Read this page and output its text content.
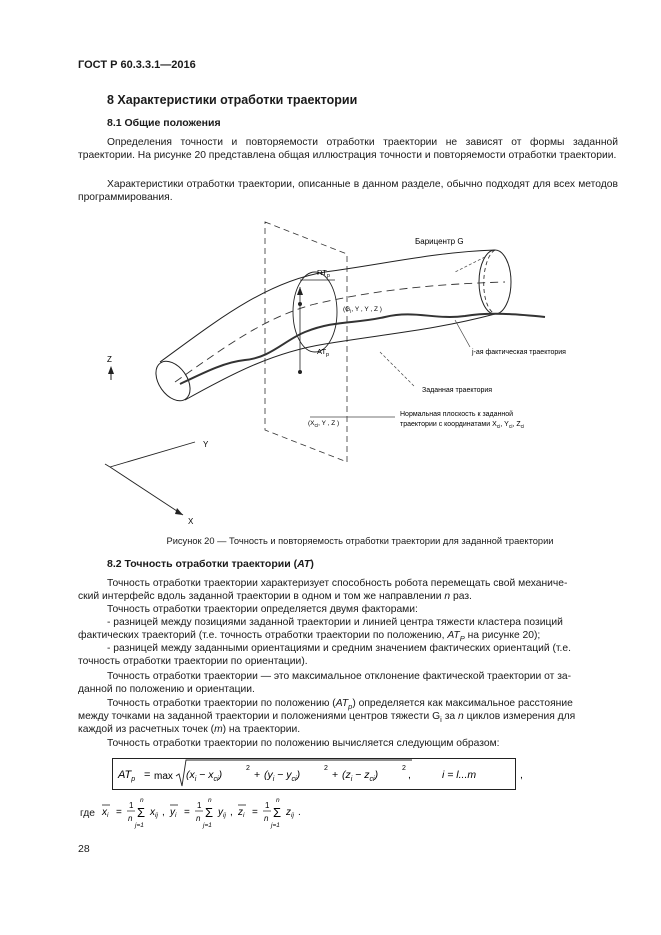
ГОСТ Р 60.3.3.1—2016
8 Характеристики отработки траектории
8.1 Общие положения
Определения точности и повторяемости отработки траектории не зависят от формы заданной траектории. На рисунке 20 представлена общая иллюстрация точности и повторяемости отработки траектории.
Характеристики отработки траектории, описанные в данном разделе, обычно подходят для всех методов программирования.
Барицентр G
$RT_p$
($G_i$, Y , Y , Z )
$AT_p$
Z
j-ая фактическая траектория
Заданная траектория
Нормальная плоскость к заданной
траектории с координатами $X_{ci}$, $Y_{ci}$, $Z_{ci}$
($X_{ci}$, Y , Z )
Y
X
Рисунок 20 — Точность и повторяемость отработки траектории для заданной траектории
8.2 Точность отработки траектории (AT)
Точность отработки траектории характеризует способность робота перемещать свой механиче-
ский интерфейс вдоль заданной траектории в одном и том же направлении n раз.
Точность отработки траектории определяется двумя факторами:
- разницей между позициями заданной траектории и линией центра тяжести кластера позиций
фактических траекторий (т.е. точность отработки траектории по положению, $AT_P$ на рисунке 20);
- разницей между заданными ориентациями и средним значением фактических ориентаций (т.е.
точность отработки траектории по ориентации).
Точность отработки траектории — это максимальное отклонение фактической траектории от за-
данной по положению и ориентации.
Точность отработки траектории по положению $(AT_p)$ определяется как максимальное расстояние
между точками на заданной траектории и положениями центров тяжести $G_i$ за n циклов измерения для
каждой из расчетных точек (m) на траектории.
Точность отработки траектории по положению вычисляется следующим образом:
$AT_p = \max (x_i - x_{ci})$
2
+ $(y_i - y_{ci})$
2
+ $(z_i - z_{ci})$
2
,	i = l...m	,
где $x_i$ =
1
n
n
Σ
j=1
$x_{ij}$ , $y_i$ =
1
n
n
Σ
j=1
$y_{ij}$ , $z_i$ =
1
n
n
Σ
j=1
$z_{ij}$ .
28
